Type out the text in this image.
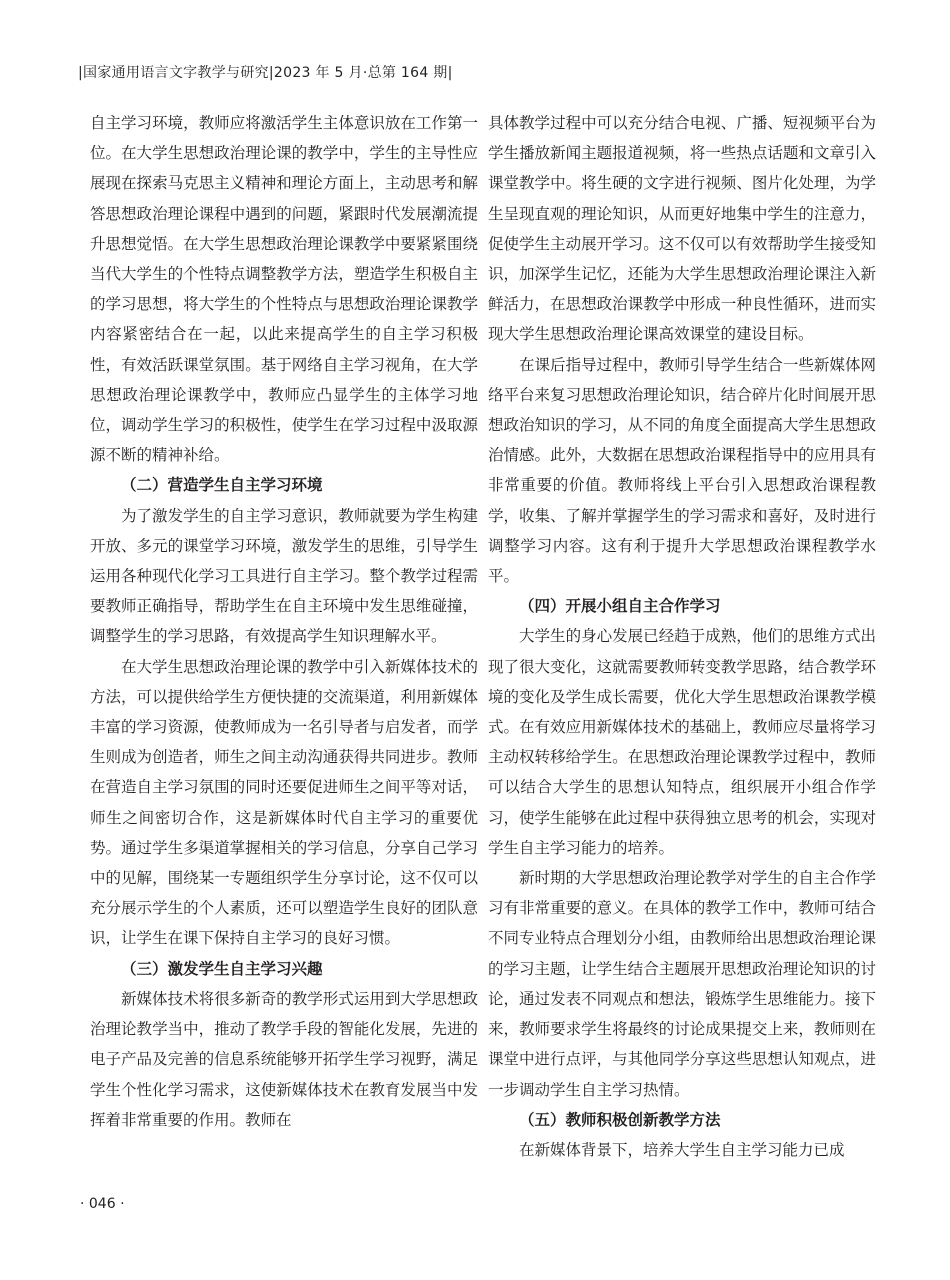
|国家通用语言文字教学与研究|2023 年 5 月·总第 164 期|

自主学习环境，教师应将激活学生主体意识放在工作第一位。在大学生思想政治理论课的教学中，学生的主导性应展现在探索马克思主义精神和理论方面上，主动思考和解答思想政治理论课程中遇到的问题，紧跟时代发展潮流提升思想觉悟。在大学生思想政治理论课教学中要紧紧围绕当代大学生的个性特点调整教学方法，塑造学生积极自主的学习思想，将大学生的个性特点与思想政治理论课教学内容紧密结合在一起，以此来提高学生的自主学习积极性，有效活跃课堂氛围。基于网络自主学习视角，在大学思想政治理论课教学中，教师应凸显学生的主体学习地位，调动学生学习的积极性，使学生在学习过程中汲取源源不断的精神补给。

（二）营造学生自主学习环境

为了激发学生的自主学习意识，教师就要为学生构建开放、多元的课堂学习环境，激发学生的思维，引导学生运用各种现代化学习工具进行自主学习。整个教学过程需要教师正确指导，帮助学生在自主环境中发生思维碰撞，调整学生的学习思路，有效提高学生知识理解水平。

在大学生思想政治理论课的教学中引入新媒体技术的方法，可以提供给学生方便快捷的交流渠道，利用新媒体丰富的学习资源，使教师成为一名引导者与启发者，而学生则成为创造者，师生之间主动沟通获得共同进步。教师在营造自主学习氛围的同时还要促进师生之间平等对话，师生之间密切合作，这是新媒体时代自主学习的重要优势。通过学生多渠道掌握相关的学习信息，分享自己学习中的见解，围绕某一专题组织学生分享讨论，这不仅可以充分展示学生的个人素质，还可以塑造学生良好的团队意识，让学生在课下保持自主学习的良好习惯。

（三）激发学生自主学习兴趣

新媒体技术将很多新奇的教学形式运用到大学思想政治理论教学当中，推动了教学手段的智能化发展，先进的电子产品及完善的信息系统能够开拓学生学习视野，满足学生个性化学习需求，这使新媒体技术在教育发展当中发挥着非常重要的作用。教师在

具体教学过程中可以充分结合电视、广播、短视频平台为学生播放新闻主题报道视频，将一些热点话题和文章引入课堂教学中。将生硬的文字进行视频、图片化处理，为学生呈现直观的理论知识，从而更好地集中学生的注意力，促使学生主动展开学习。这不仅可以有效帮助学生接受知识，加深学生记忆，还能为大学生思想政治理论课注入新鲜活力，在思想政治课教学中形成一种良性循环，进而实现大学生思想政治理论课高效课堂的建设目标。

在课后指导过程中，教师引导学生结合一些新媒体网络平台来复习思想政治理论知识，结合碎片化时间展开思想政治知识的学习，从不同的角度全面提高大学生思想政治情感。此外，大数据在思想政治课程指导中的应用具有非常重要的价值。教师将线上平台引入思想政治课程教学，收集、了解并掌握学生的学习需求和喜好，及时进行调整学习内容。这有利于提升大学思想政治课程教学水平。

（四）开展小组自主合作学习

大学生的身心发展已经趋于成熟，他们的思维方式出现了很大变化，这就需要教师转变教学思路，结合教学环境的变化及学生成长需要，优化大学生思想政治课教学模式。在有效应用新媒体技术的基础上，教师应尽量将学习主动权转移给学生。在思想政治理论课教学过程中，教师可以结合大学生的思想认知特点，组织展开小组合作学习，使学生能够在此过程中获得独立思考的机会，实现对学生自主学习能力的培养。

新时期的大学思想政治理论教学对学生的自主合作学习有非常重要的意义。在具体的教学工作中，教师可结合不同专业特点合理划分小组，由教师给出思想政治理论课的学习主题，让学生结合主题展开思想政治理论知识的讨论，通过发表不同观点和想法，锻炼学生思维能力。接下来，教师要求学生将最终的讨论成果提交上来，教师则在课堂中进行点评，与其他同学分享这些思想认知观点，进一步调动学生自主学习热情。

（五）教师积极创新教学方法

在新媒体背景下，培养大学生自主学习能力已成

· 046 ·
